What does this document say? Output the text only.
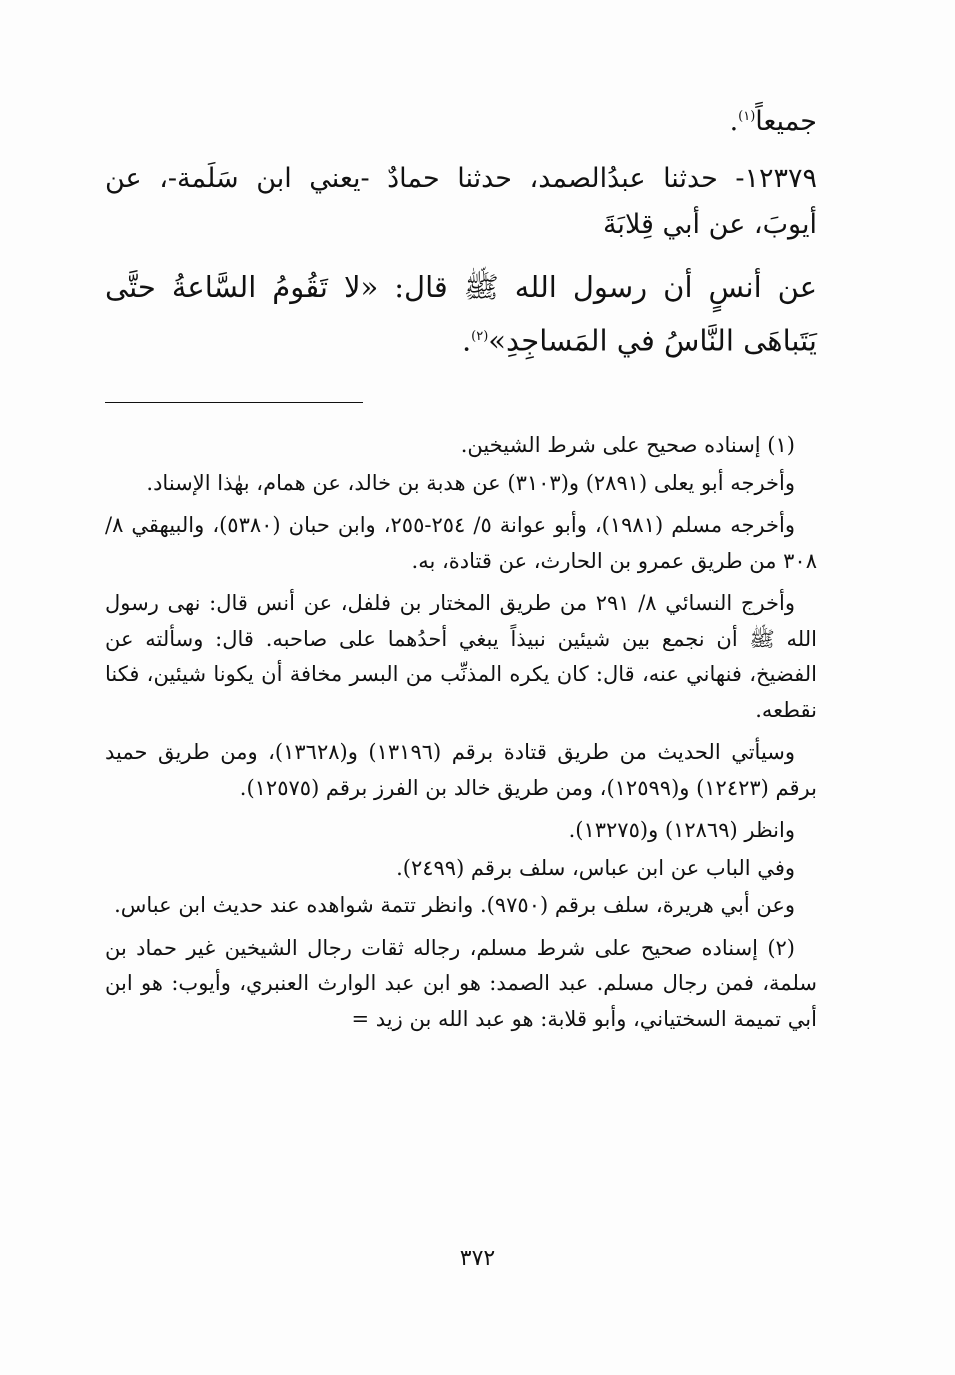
جميعاً$^{(١)}$.

١٢٣٧٩- حدثنا عبدُالصمد، حدثنا حمادٌ -يعني ابن سَلَمة-، عن أيوبَ، عن أبي قِلابَةَ

عن أنسٍ أن رسول الله ﷺ قال: «لا تَقُومُ السَّاعةُ حتَّى يَتَباهَى النَّاسُ في المَساجِدِ»$^{(٢)}$.

(١) إسناده صحيح على شرط الشيخين.

وأخرجه أبو يعلى (٢٨٩١) و(٣١٠٣) عن هدبة بن خالد، عن همام، بهٰذا الإسناد.

وأخرجه مسلم (١٩٨١)، وأبو عوانة ٥/ ٢٥٤-٢٥٥، وابن حبان (٥٣٨٠)، والبيهقي ٨/ ٣٠٨ من طريق عمرو بن الحارث، عن قتادة، به.

وأخرج النسائي ٨/ ٢٩١ من طريق المختار بن فلفل، عن أنس قال: نهى رسول الله ﷺ أن نجمع بين شيئين نبيذاً يبغي أحدُهما على صاحبه. قال: وسألته عن الفضيخ، فنهاني عنه، قال: كان يكره المذنِّب من البسر مخافة أن يكونا شيئين، فكنا نقطعه.

وسيأتي الحديث من طريق قتادة برقم (١٣١٩٦) و(١٣٦٢٨)، ومن طريق حميد برقم (١٢٤٢٣) و(١٢٥٩٩)، ومن طريق خالد بن الفرز برقم (١٢٥٧٥).

وانظر (١٢٨٦٩) و(١٣٢٧٥).

وفي الباب عن ابن عباس، سلف برقم (٢٤٩٩).

وعن أبي هريرة، سلف برقم (٩٧٥٠). وانظر تتمة شواهده عند حديث ابن عباس.

(٢) إسناده صحيح على شرط مسلم، رجاله ثقات رجال الشيخين غير حماد بن سلمة، فمن رجال مسلم. عبد الصمد: هو ابن عبد الوارث العنبري، وأيوب: هو ابن أبي تميمة السختياني، وأبو قلابة: هو عبد الله بن زيد =

٣٧٢
